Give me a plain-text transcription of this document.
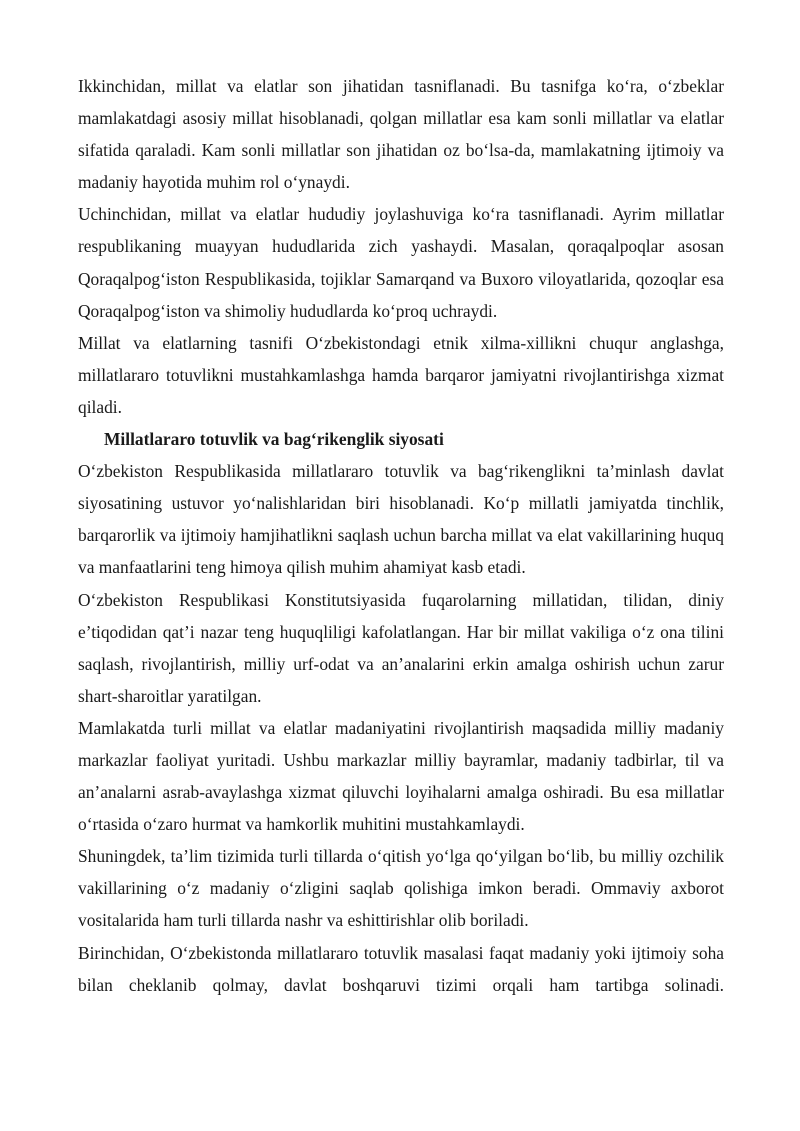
Ikkinchidan, millat va elatlar son jihatidan tasniflanadi. Bu tasnifga ko‘ra, o‘zbeklar mamlakatdagi asosiy millat hisoblanadi, qolgan millatlar esa kam sonli millatlar va elatlar sifatida qaraladi. Kam sonli millatlar son jihatidan oz bo‘lsa-da, mamlakatning ijtimoiy va madaniy hayotida muhim rol o‘ynaydi.

Uchinchidan, millat va elatlar hududiy joylashuviga ko‘ra tasniflanadi. Ayrim millatlar respublikaning muayyan hududlarida zich yashaydi. Masalan, qoraqalpoqlar asosan Qoraqalpog‘iston Respublikasida, tojiklar Samarqand va Buxoro viloyatlarida, qozoqlar esa Qoraqalpog‘iston va shimoliy hududlarda ko‘proq uchraydi.

Millat va elatlarning tasnifi O‘zbekistondagi etnik xilma-xillikni chuqur anglashga, millatlararo totuvlikni mustahkamlashga hamda barqaror jamiyatni rivojlantirishga xizmat qiladi.

Millatlararo totuvlik va bag‘rikenglik siyosati

O‘zbekiston Respublikasida millatlararo totuvlik va bag‘rikenglikni ta’minlash davlat siyosatining ustuvor yo‘nalishlaridan biri hisoblanadi. Ko‘p millatli jamiyatda tinchlik, barqarorlik va ijtimoiy hamjihatlikni saqlash uchun barcha millat va elat vakillarining huquq va manfaatlarini teng himoya qilish muhim ahamiyat kasb etadi.

O‘zbekiston Respublikasi Konstitutsiyasida fuqarolarning millatidan, tilidan, diniy e’tiqodidan qat’i nazar teng huquqliligi kafolatlangan. Har bir millat vakiliga o‘z ona tilini saqlash, rivojlantirish, milliy urf-odat va an’analarini erkin amalga oshirish uchun zarur shart-sharoitlar yaratilgan.

Mamlakatda turli millat va elatlar madaniyatini rivojlantirish maqsadida milliy madaniy markazlar faoliyat yuritadi. Ushbu markazlar milliy bayramlar, madaniy tadbirlar, til va an’analarni asrab-avaylashga xizmat qiluvchi loyihalarni amalga oshiradi. Bu esa millatlar o‘rtasida o‘zaro hurmat va hamkorlik muhitini mustahkamlaydi.

Shuningdek, ta’lim tizimida turli tillarda o‘qitish yo‘lga qo‘yilgan bo‘lib, bu milliy ozchilik vakillarining o‘z madaniy o‘zligini saqlab qolishiga imkon beradi. Ommaviy axborot vositalarida ham turli tillarda nashr va eshittirishlar olib boriladi.

Birinchidan, O‘zbekistonda millatlararo totuvlik masalasi faqat madaniy yoki ijtimoiy soha bilan cheklanib qolmay, davlat boshqaruvi tizimi orqali ham tartibga solinadi.
